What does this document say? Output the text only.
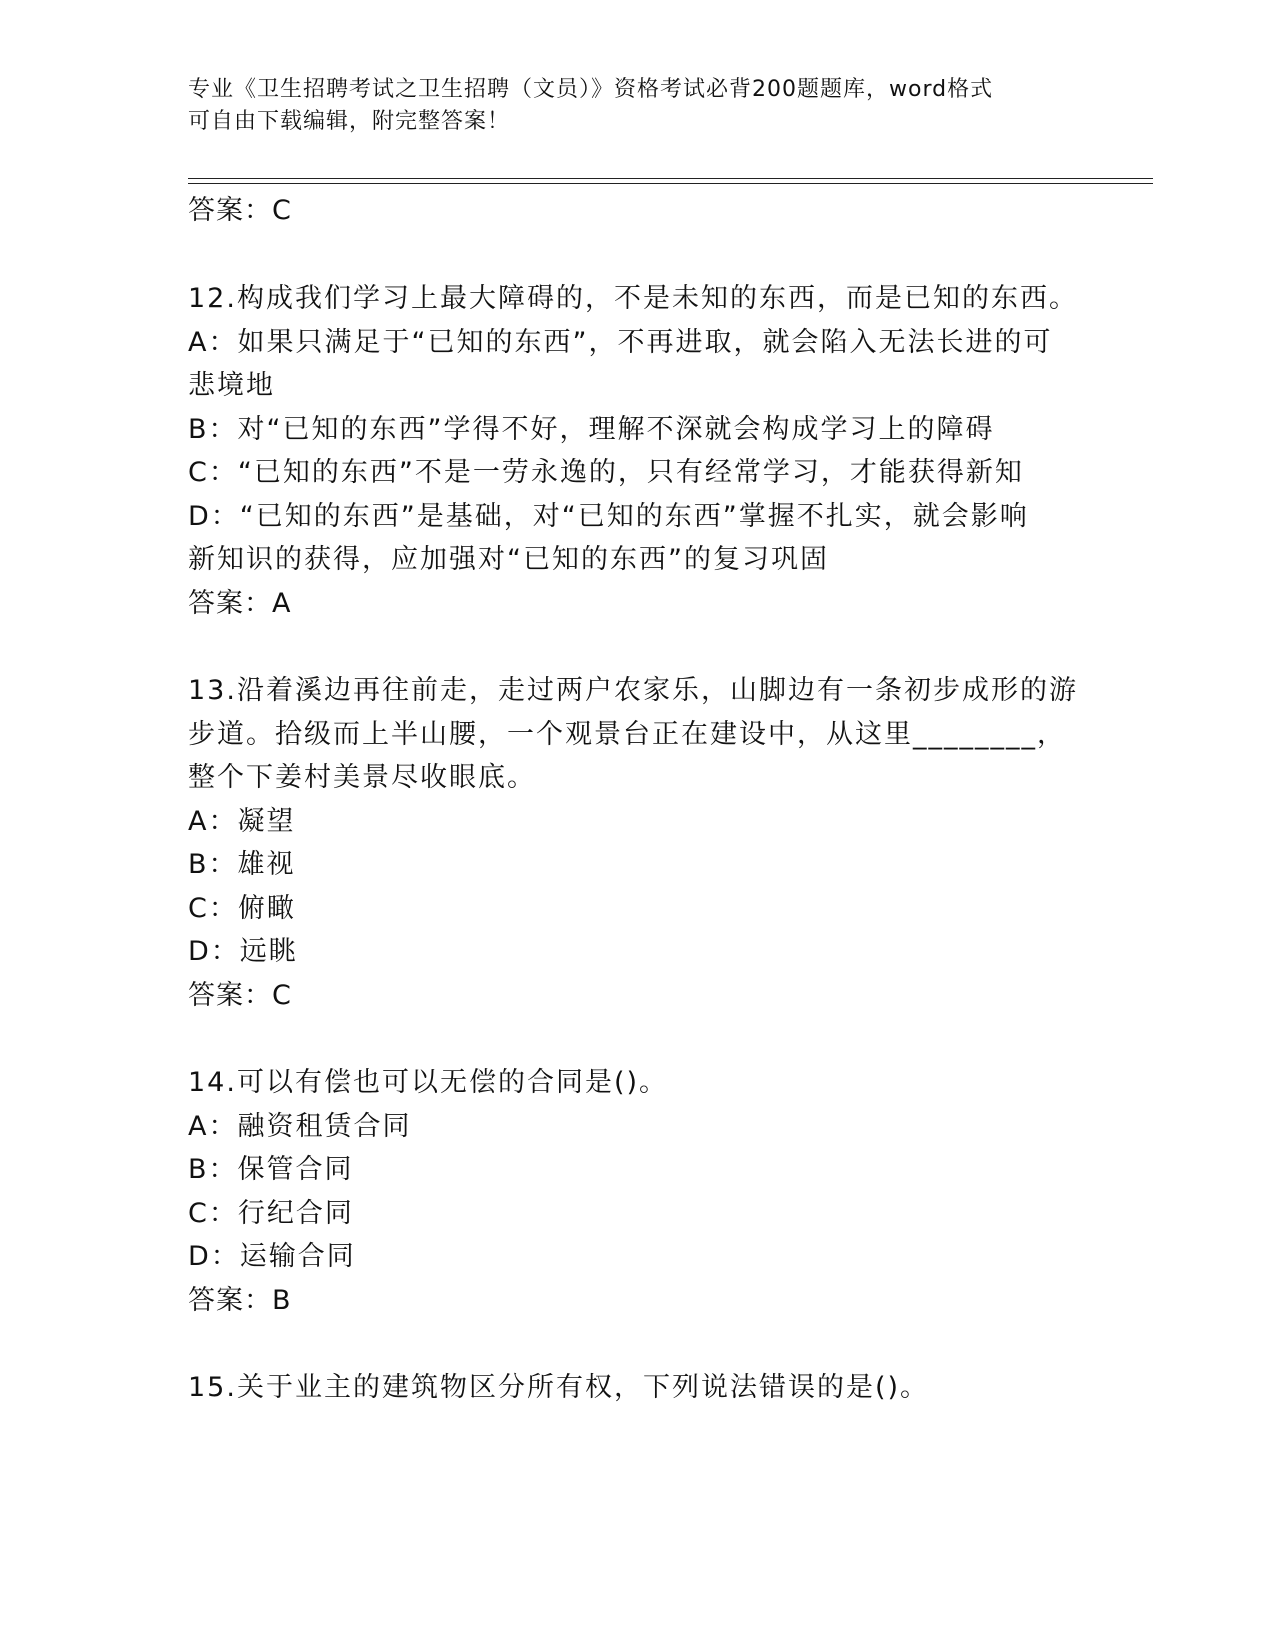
专业《卫生招聘考试之卫生招聘（文员）》资格考试必背200题题库，word格式
可自由下载编辑，附完整答案！
答案：C
12.构成我们学习上最大障碍的，不是未知的东西，而是已知的东西。
A：如果只满足于“已知的东西”，不再进取，就会陷入无法长进的可
悲境地
B：对“已知的东西”学得不好，理解不深就会构成学习上的障碍
C：“已知的东西”不是一劳永逸的，只有经常学习，才能获得新知
D：“已知的东西”是基础，对“已知的东西”掌握不扎实，就会影响
新知识的获得，应加强对“已知的东西”的复习巩固
答案：A
13.沿着溪边再往前走，走过两户农家乐，山脚边有一条初步成形的游
步道。拾级而上半山腰，一个观景台正在建设中，从这里________，
整个下姜村美景尽收眼底。
A：凝望
B：雄视
C：俯瞰
D：远眺
答案：C
14.可以有偿也可以无偿的合同是()。
A：融资租赁合同
B：保管合同
C：行纪合同
D：运输合同
答案：B
15.关于业主的建筑物区分所有权，下列说法错误的是()。
